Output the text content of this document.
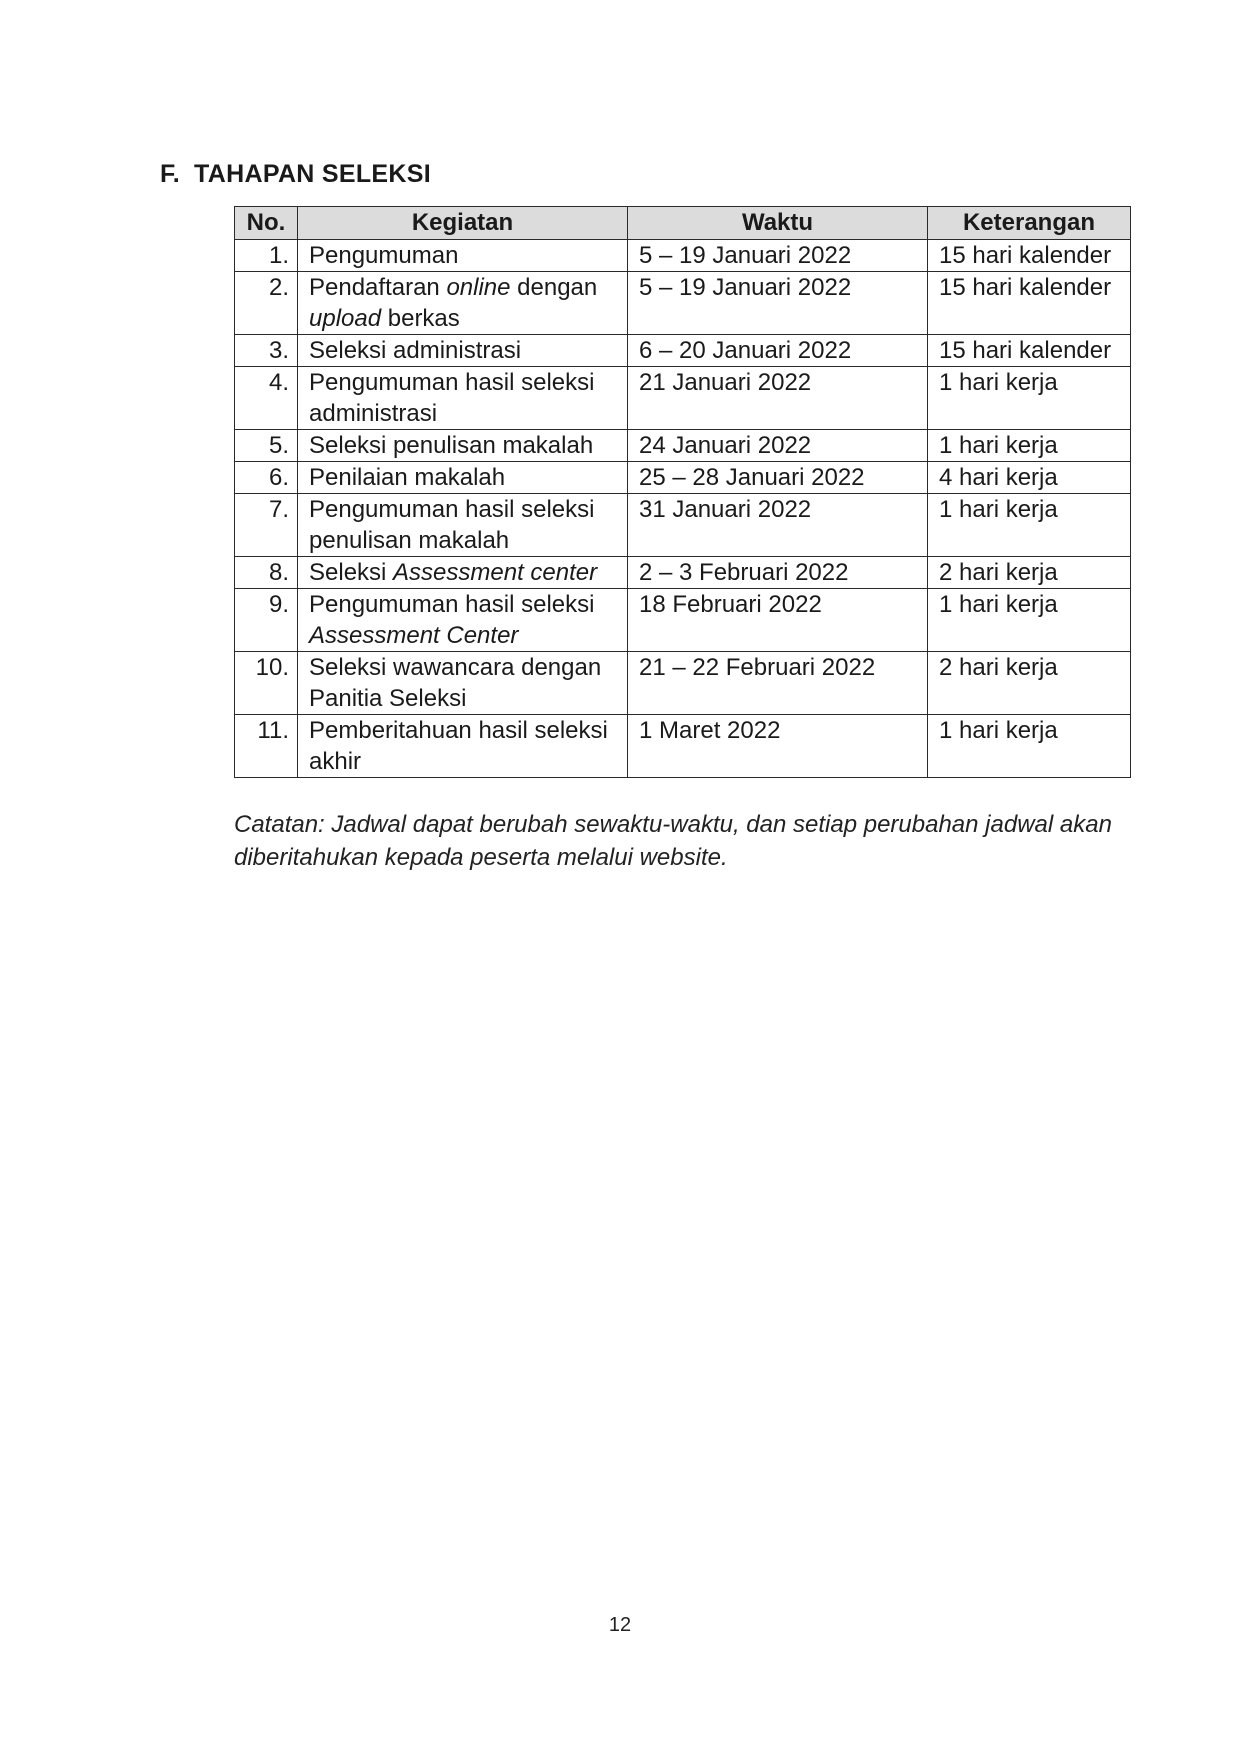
F. TAHAPAN SELEKSI
No.	Kegiatan	Waktu	Keterangan
1.	Pengumuman	5 – 19 Januari 2022	15 hari kalender
2.	Pendaftaran online dengan upload berkas	5 – 19 Januari 2022	15 hari kalender
3.	Seleksi administrasi	6 – 20 Januari 2022	15 hari kalender
4.	Pengumuman hasil seleksi administrasi	21 Januari 2022	1 hari kerja
5.	Seleksi penulisan makalah	24 Januari 2022	1 hari kerja
6.	Penilaian makalah	25 – 28 Januari 2022	4 hari kerja
7.	Pengumuman hasil seleksi penulisan makalah	31 Januari 2022	1 hari kerja
8.	Seleksi Assessment center	2 – 3 Februari 2022	2 hari kerja
9.	Pengumuman hasil seleksi Assessment Center	18 Februari 2022	1 hari kerja
10.	Seleksi wawancara dengan Panitia Seleksi	21 – 22 Februari 2022	2 hari kerja
11.	Pemberitahuan hasil seleksi akhir	1 Maret 2022	1 hari kerja
Catatan: Jadwal dapat berubah sewaktu-waktu, dan setiap perubahan jadwal akan diberitahukan kepada peserta melalui website.
12
